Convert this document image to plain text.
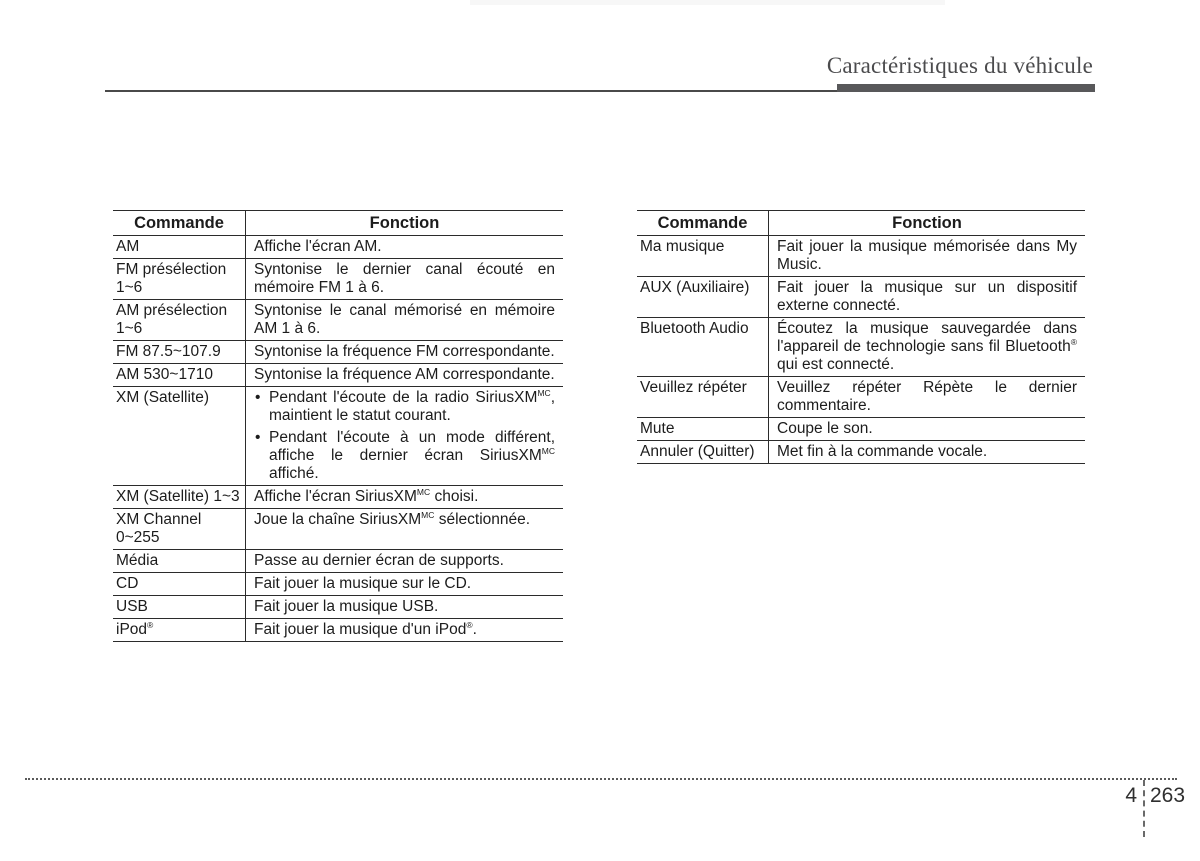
Caractéristiques du véhicule
Commande	Fonction
AM	Affiche l'écran AM.
FM présélection 1~6	Syntonise le dernier canal écouté en mémoire FM 1 à 6.
AM présélection 1~6	Syntonise le canal mémorisé en mémoire AM 1 à 6.
FM 87.5~107.9	Syntonise la fréquence FM correspondante.
AM 530~1710	Syntonise la fréquence AM correspondante.
XM (Satellite)	• Pendant l'écoute de la radio SiriusXM$^{MC}$, maintient le statut courant.
• Pendant l'écoute à un mode différent, affiche le dernier écran SiriusXM$^{MC}$ affiché.

XM (Satellite) 1~3	Affiche l'écran SiriusXM$^{MC}$ choisi.
XM Channel 0~255	Joue la chaîne SiriusXM$^{MC}$ sélectionnée.
Média	Passe au dernier écran de supports.
CD	Fait jouer la musique sur le CD.
USB	Fait jouer la musique USB.
iPod®	Fait jouer la musique d'un iPod®.
Commande	Fonction
Ma musique	Fait jouer la musique mémorisée dans My Music.
AUX (Auxiliaire)	Fait jouer la musique sur un dispositif externe connecté.
Bluetooth Audio	Écoutez la musique sauvegardée dans l'appareil de technologie sans fil Bluetooth® qui est connecté.
Veuillez répéter	Veuillez répéter Répète le dernier commentaire.
Mute	Coupe le son.
Annuler (Quitter)	Met fin à la commande vocale.
4 263
